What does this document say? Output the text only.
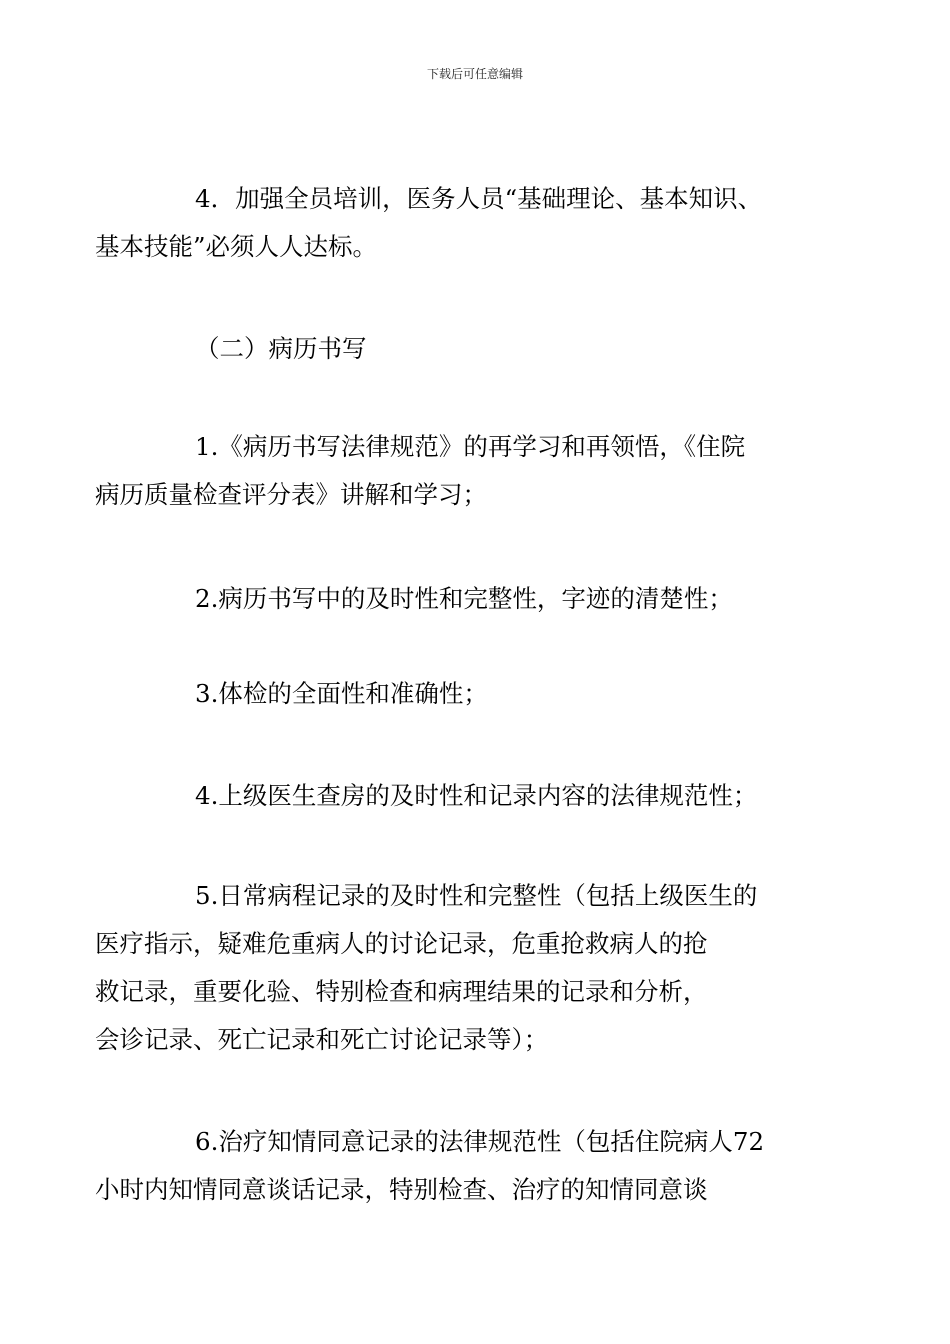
下载后可任意编辑

4．加强全员培训，医务人员“基础理论、基本知识、
基本技能”必须人人达标。

（二）病历书写

1.《病历书写法律规范》的再学习和再领悟，《住院
病历质量检查评分表》讲解和学习；

2.病历书写中的及时性和完整性，字迹的清楚性；

3.体检的全面性和准确性；

4.上级医生查房的及时性和记录内容的法律规范性；

5.日常病程记录的及时性和完整性（包括上级医生的
医疗指示，疑难危重病人的讨论记录，危重抢救病人的抢
救记录，重要化验、特别检查和病理结果的记录和分析，
会诊记录、死亡记录和死亡讨论记录等）；

6.治疗知情同意记录的法律规范性（包括住院病人72
小时内知情同意谈话记录，特别检查、治疗的知情同意谈
